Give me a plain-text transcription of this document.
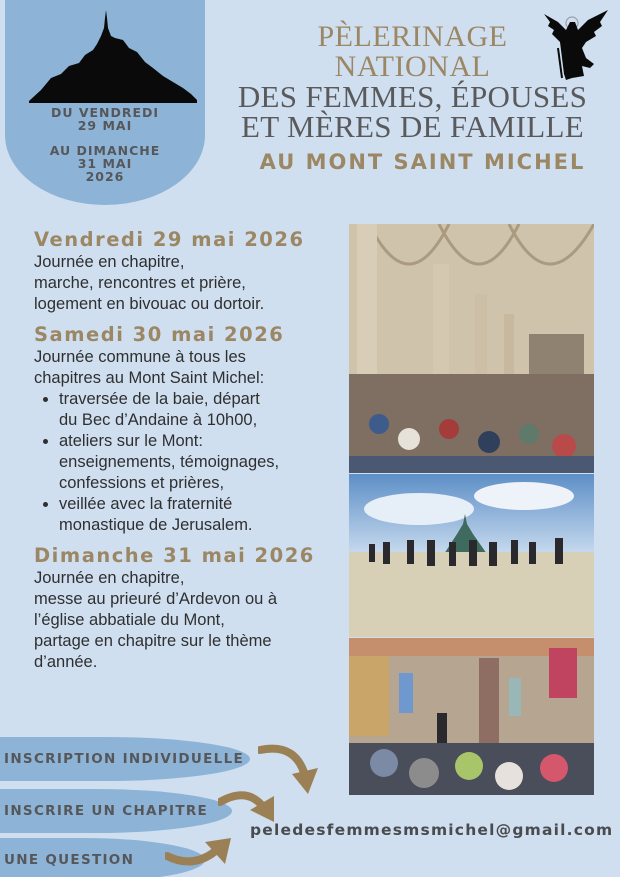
DU VENDREDI
29 MAI
AU DIMANCHE
31 MAI
2026
PÈLERINAGE
NATIONAL
DES FEMMES, ÉPOUSES
ET MÈRES DE FAMILLE
AU MONT SAINT MICHEL
Vendredi 29 mai 2026
Journée en chapitre,
marche, rencontres et prière,
logement en bivouac ou dortoir.
Samedi 30 mai 2026
Journée commune à tous les
chapitres au Mont Saint Michel:
traversée de la baie, départ
du Bec d’Andaine à 10h00,
ateliers sur le Mont:
enseignements, témoignages,
confessions et prières,
veillée avec la fraternité
monastique de Jerusalem.
Dimanche 31 mai 2026
Journée en chapitre,
messe au prieuré d’Ardevon ou à
l’église abbatiale du Mont,
partage en chapitre sur le thème
d’année.
INSCRIPTION INDIVIDUELLE
INSCRIRE UN CHAPITRE
UNE QUESTION
peledesfemmesmsmichel@gmail.com
